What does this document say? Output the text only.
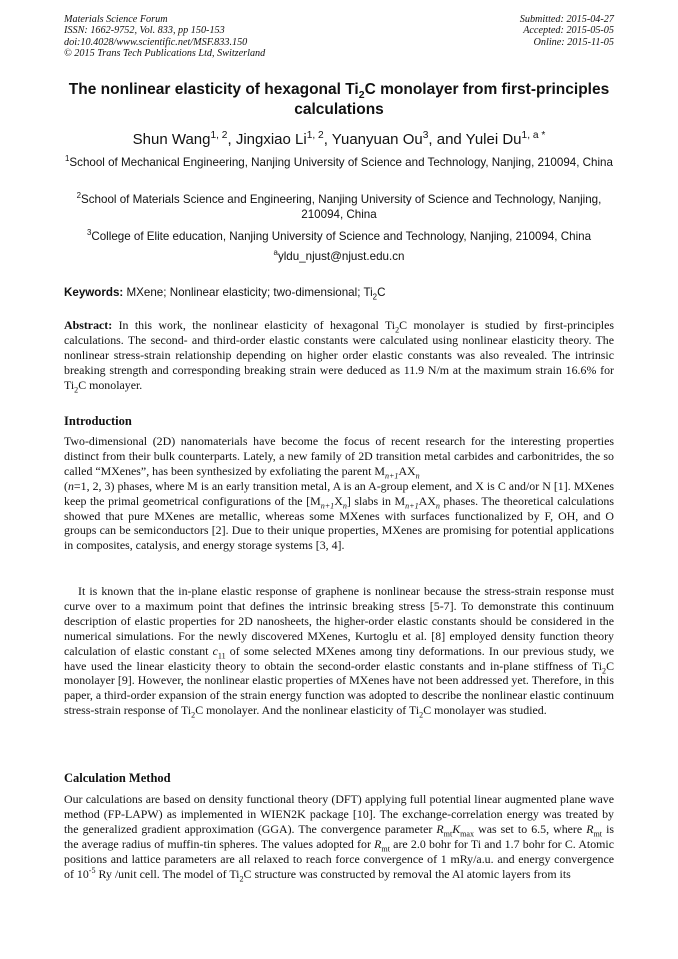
Materials Science Forum
ISSN: 1662-9752, Vol. 833, pp 150-153
doi:10.4028/www.scientific.net/MSF.833.150
© 2015 Trans Tech Publications Ltd, Switzerland
Submitted: 2015-04-27
Accepted: 2015-05-05
Online: 2015-11-05
The nonlinear elasticity of hexagonal $Ti_2C$ monolayer from first-principles calculations
Shun Wang$^{1, 2}$, Jingxiao Li$^{1, 2}$, Yuanyuan Ou$^3$, and Yulei $Du^{1, a *}$
$^1$School of Mechanical Engineering, Nanjing University of Science and Technology, Nanjing, 210094, China
$^2$School of Materials Science and Engineering, Nanjing University of Science and Technology, Nanjing, 210094, China
$^3$College of Elite education, Nanjing University of Science and Technology, Nanjing, 210094, China
$^a$yldu_njust@njust.edu.cn
Keywords: MXene; Nonlinear elasticity; two-dimensional; $Ti_2C$

Abstract: In this work, the nonlinear elasticity of hexagonal $Ti_2C$ monolayer is studied by first-principles calculations. The second- and third-order elastic constants were calculated using nonlinear elasticity theory. The nonlinear stress-strain relationship depending on higher order elastic constants was also revealed. The intrinsic breaking strength and corresponding breaking strain were deduced as 11.9 N/m at the maximum strain 16.6% for $Ti_2C$ monolayer.

Introduction

Two-dimensional (2D) nanomaterials have become the focus of recent research for the interesting properties distinct from their bulk counterparts. Lately, a new family of 2D transition metal carbides and carbonitrides, the so called “MXenes”, has been synthesized by exfoliating the parent $M_{n+1}AX_n$
(n=1, 2, 3) phases, where M is an early transition metal, A is an A-group element, and X is C and/or N [1]. MXenes keep the primal geometrical configurations of the $[M_{n+1}X_n]$ slabs in $M_{n+1}AX_n$ phases. The theoretical calculations showed that pure MXenes are metallic, whereas some MXenes with surfaces functionalized by F, OH, and O groups can be semiconductors [2]. Due to their unique properties, MXenes are promising for potential applications in composites, catalysis, and energy storage systems [3, 4].

It is known that the in-plane elastic response of graphene is nonlinear because the stress-strain response must curve over to a maximum point that defines the intrinsic breaking stress [5-7]. To demonstrate this continuum description of elastic properties for 2D nanosheets, the higher-order elastic constants should be considered in the numerical simulations. For the newly discovered MXenes, Kurtoglu et al. [8] employed density function theory calculation of elastic constant $c_{11}$ of some selected MXenes among tiny deformations. In our previous study, we have used the linear elasticity theory to obtain the second-order elastic constants and in-plane stiffness of $Ti_2C$ monolayer [9]. However, the nonlinear elastic properties of MXenes have not been addressed yet. Therefore, in this paper, a third-order expansion of the strain energy function was adopted to describe the nonlinear elastic continuum stress-strain response of $Ti_2C$ monolayer. And the nonlinear elasticity of $Ti_2C$ monolayer was studied.

Calculation Method

Our calculations are based on density functional theory (DFT) applying full potential linear augmented plane wave method (FP-LAPW) as implemented in WIEN2K package [10]. The exchange-correlation energy was treated by the generalized gradient approximation (GGA). The convergence parameter $R_{mt}K_{max}$ was set to 6.5, where $R_{mt}$ is the average radius of muffin-tin spheres. The values adopted for $R_{mt}$ are 2.0 bohr for Ti and 1.7 bohr for C. Atomic positions and lattice parameters are all relaxed to reach force convergence of 1 mRy/a.u. and energy convergence of $10^{-5}$ Ry /unit cell. The model of $Ti_2C$ structure was constructed by removal the Al atomic layers from its
